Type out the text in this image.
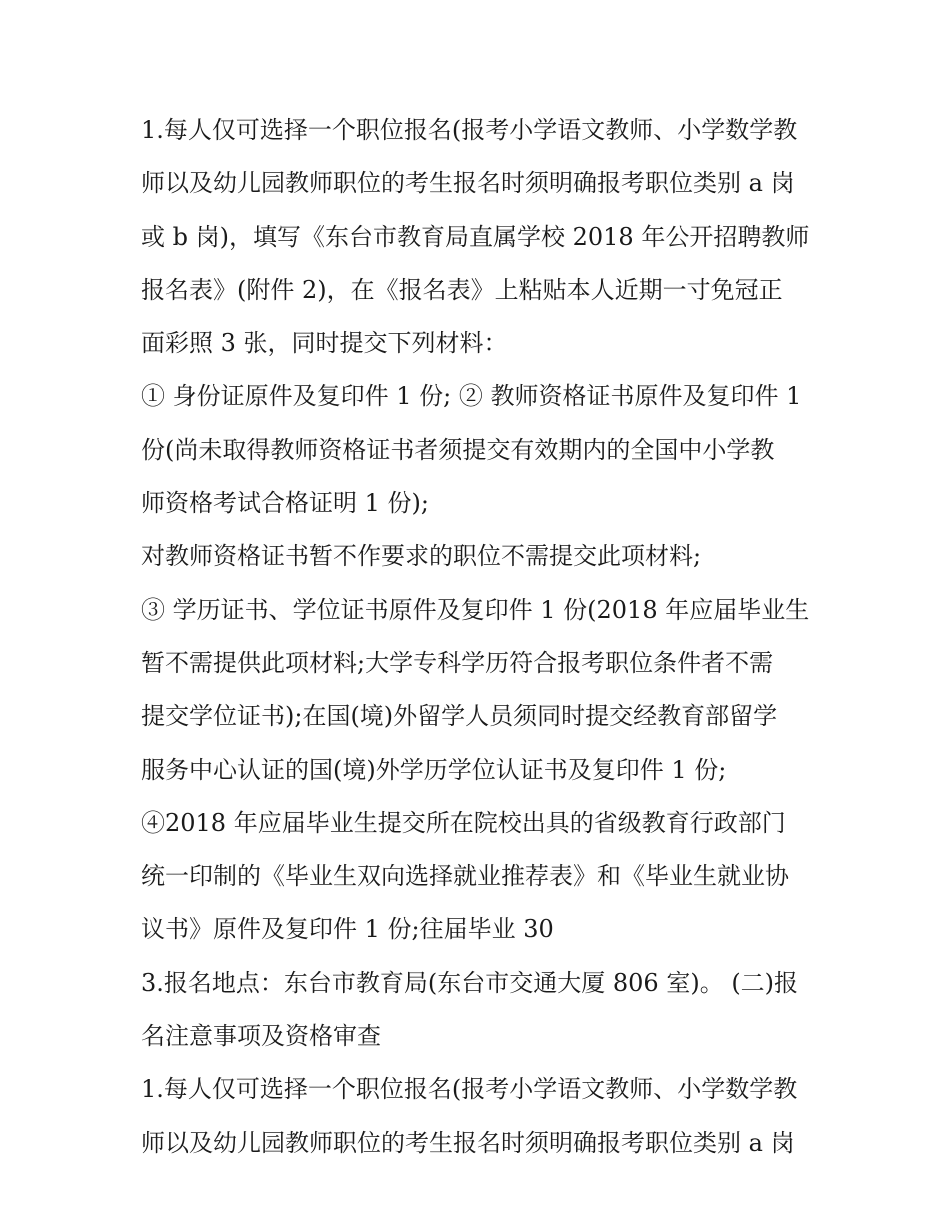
1.每人仅可选择一个职位报名(报考小学语文教师、小学数学教
师以及幼儿园教师职位的考生报名时须明确报考职位类别 a 岗
或 b 岗)，填写《东台市教育局直属学校 2018 年公开招聘教师
报名表》(附件 2)，在《报名表》上粘贴本人近期一寸免冠正
面彩照 3 张，同时提交下列材料：
① 身份证原件及复印件 1 份; ② 教师资格证书原件及复印件 1
份(尚未取得教师资格证书者须提交有效期内的全国中小学教
师资格考试合格证明 1 份);
对教师资格证书暂不作要求的职位不需提交此项材料;
③ 学历证书、学位证书原件及复印件 1 份(2018 年应届毕业生
暂不需提供此项材料;大学专科学历符合报考职位条件者不需
提交学位证书);在国(境)外留学人员须同时提交经教育部留学
服务中心认证的国(境)外学历学位认证书及复印件 1 份;
④2018 年应届毕业生提交所在院校出具的省级教育行政部门
统一印制的《毕业生双向选择就业推荐表》和《毕业生就业协
议书》原件及复印件 1 份;往届毕业 30
3.报名地点：东台市教育局(东台市交通大厦 806 室)。 (二)报
名注意事项及资格审查
1.每人仅可选择一个职位报名(报考小学语文教师、小学数学教
师以及幼儿园教师职位的考生报名时须明确报考职位类别 a 岗
